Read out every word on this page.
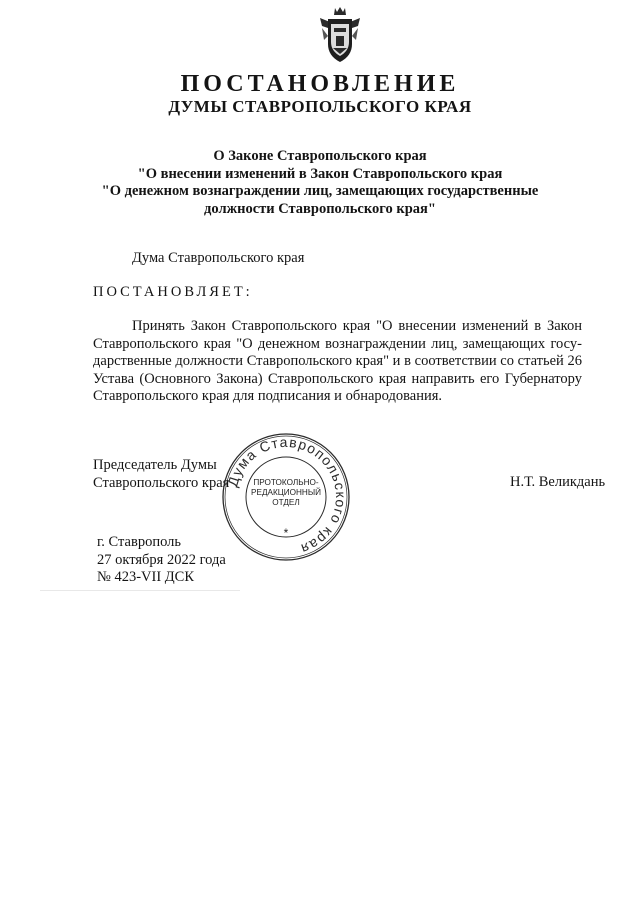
ПОСТАНОВЛЕНИЕ
ДУМЫ СТАВРОПОЛЬСКОГО КРАЯ
О Законе Ставропольского края
"О внесении изменений в Закон Ставропольского края
"О денежном вознаграждении лиц, замещающих государственные
должности Ставропольского края"
Дума Ставропольского края
ПОСТАНОВЛЯЕТ:
Принять Закон Ставропольского края "О внесении изменений в Закон
Ставропольского края "О денежном вознаграждении лиц, замещающих госу-
дарственные должности Ставропольского края" и в соответствии со статьей 26
Устава (Основного Закона) Ставропольского края направить его Губернатору
Ставропольского края для подписания и обнародования.
Председатель Думы
Ставропольского края	Н.Т. Великдань
Дума Ставропольского края
ПРОТОКОЛЬНО-
РЕДАКЦИОННЫЙ
ОТДЕЛ
*
г. Ставрополь
27 октября 2022 года
№ 423-VII ДСК
